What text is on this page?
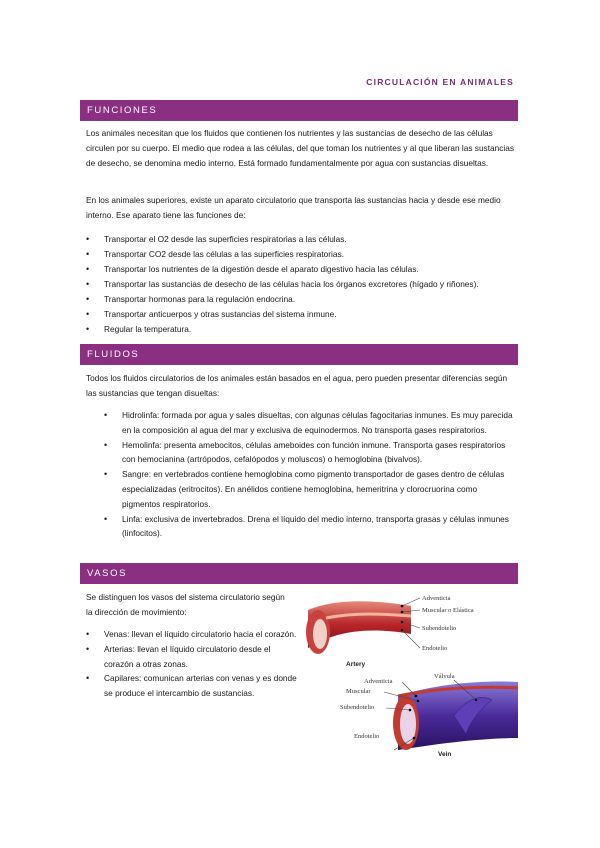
CIRCULACIÓN EN ANIMALES
FUNCIONES

Los animales necesitan que los fluidos que contienen los nutrientes y las sustancias de desecho de las células circulen por su cuerpo. El medio que rodea a las células, del que toman los nutrientes y al que liberan las sustancias de desecho, se denomina medio interno. Está formado fundamentalmente por agua con sustancias disueltas.

En los animales superiores, existe un aparato circulatorio que transporta las sustancias hacia y desde ese medio interno. Ese aparato tiene las funciones de:

• Transportar el O2 desde las superficies respiratorias a las células.
• Transportar CO2 desde las células a las superficies respiratorias.
• Transportar los nutrientes de la digestión desde el aparato digestivo hacia las células.
• Transportar las sustancias de desecho de las células hacia los órganos excretores (hígado y riñones).
• Transportar hormonas para la regulación endocrina.
• Transportar anticuerpos y otras sustancias del sistema inmune.
• Regular la temperatura.
FLUIDOS

Todos los fluidos circulatorios de los animales están basados en el agua, pero pueden presentar diferencias según las sustancias que tengan disueltas:

• Hidrolinfa: formada por agua y sales disueltas, con algunas células fagocitarias inmunes. Es muy parecida en la composición al agua del mar y exclusiva de equinodermos. No transporta gases respiratorios.
• Hemolinfa: presenta amebocitos, células ameboides con función inmune. Transporta gases respiratorios con hemocianina (artrópodos, cefalópodos y moluscos) o hemoglobina (bivalvos).
• Sangre: en vertebrados contiene hemoglobina como pigmento transportador de gases dentro de células especializadas (eritrocitos). En anélidos contiene hemoglobina, hemeritrina y clorocruorina como pigmentos respiratorios.
• Linfa: exclusiva de invertebrados. Drena el líquido del medio interno, transporta grasas y células inmunes (linfocitos).
VASOS

Se distinguen los vasos del sistema circulatorio según la dirección de movimiento:

• Venas: llevan el líquido circulatorio hacia el corazón.
• Arterias: llevan el líquido circulatorio desde el corazón a otras zonas.
• Capilares: comunican arterias con venas y es donde se produce el intercambio de sustancias.
Adventicia
Muscular o Elástica
Subendotelio
Endotelio
Artery
Adventicia
Muscular
Subendotelio
Endotelio
Válvula
Vein
